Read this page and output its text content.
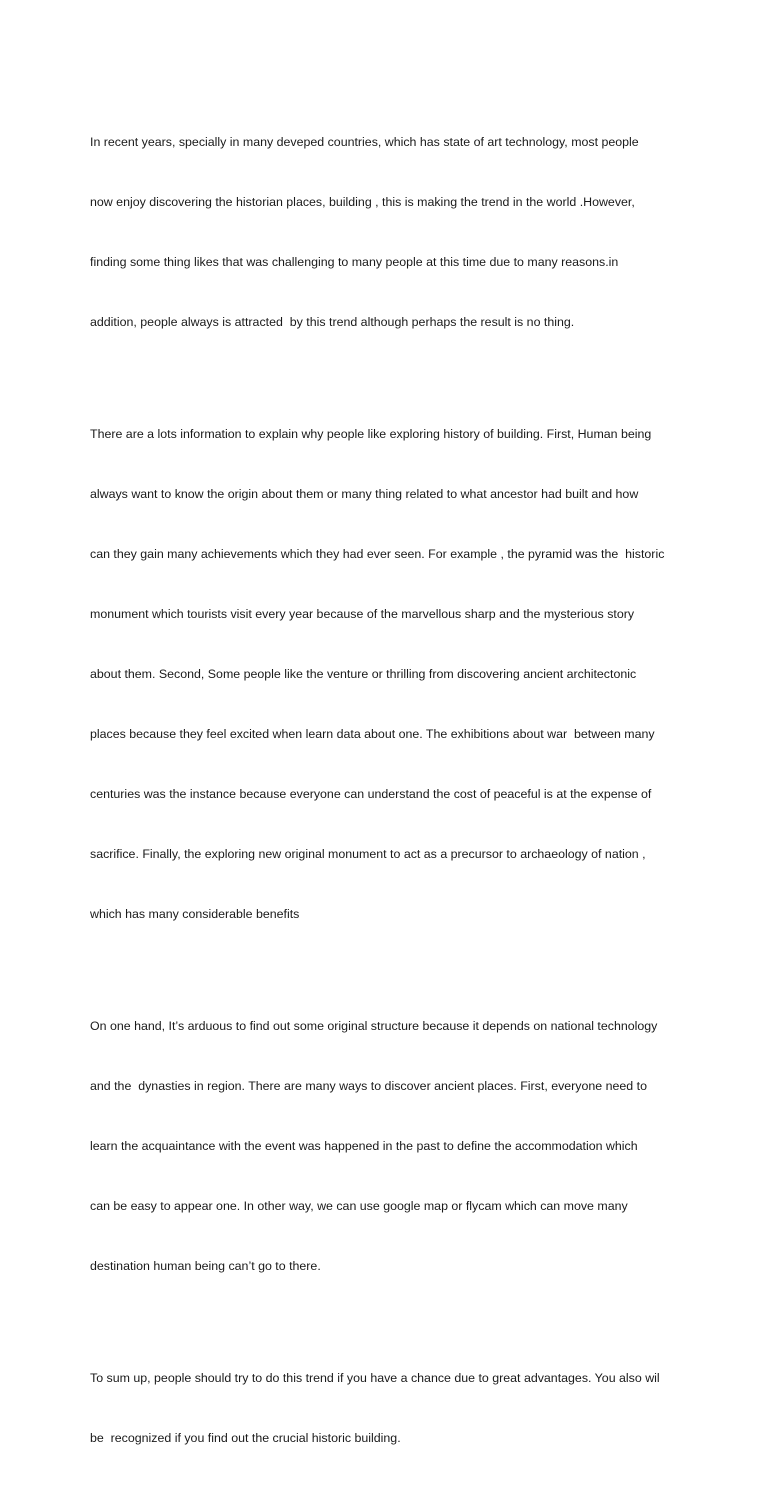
In recent years, specially in many deveped countries, which has state of art technology, most people

now enjoy discovering the historian places, building , this is making the trend in the world .However,

finding some thing likes that was challenging to many people at this time due to many reasons.in

addition, people always is attracted  by this trend although perhaps the result is no thing.

There are a lots information to explain why people like exploring history of building. First, Human being

always want to know the origin about them or many thing related to what ancestor had built and how

can they gain many achievements which they had ever seen. For example , the pyramid was the  historic

monument which tourists visit every year because of the marvellous sharp and the mysterious story

about them. Second, Some people like the venture or thrilling from discovering ancient architectonic

places because they feel excited when learn data about one. The exhibitions about war  between many

centuries was the instance because everyone can understand the cost of peaceful is at the expense of

sacrifice. Finally, the exploring new original monument to act as a precursor to archaeology of nation ,

which has many considerable benefits

On one hand, It’s arduous to find out some original structure because it depends on national technology

and the  dynasties in region. There are many ways to discover ancient places. First, everyone need to

learn the acquaintance with the event was happened in the past to define the accommodation which

can be easy to appear one. In other way, we can use google map or flycam which can move many

destination human being can’t go to there.

To sum up, people should try to do this trend if you have a chance due to great advantages. You also wil

be  recognized if you find out the crucial historic building.
